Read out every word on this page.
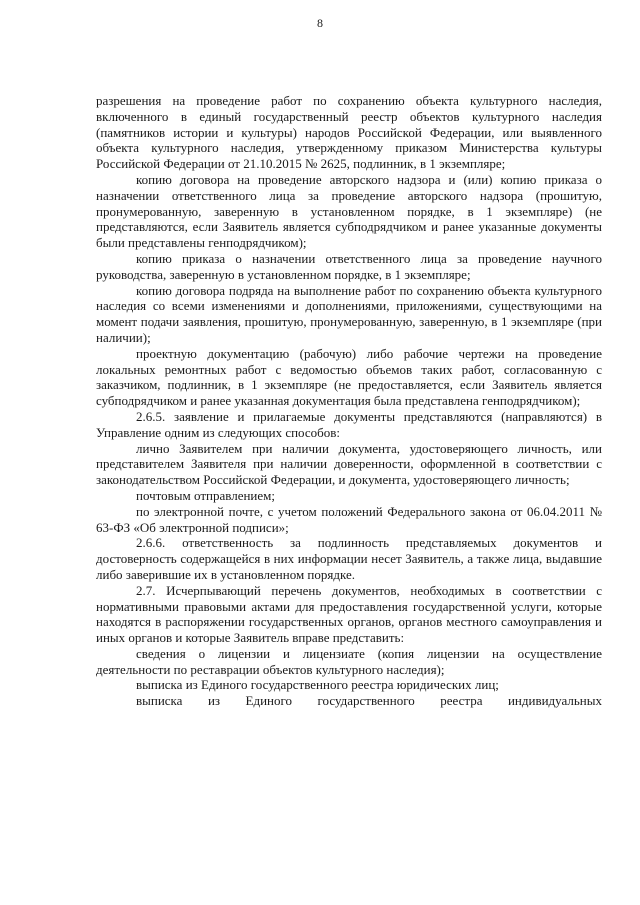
8

разрешения на проведение работ по сохранению объекта культурного наследия, включенного в единый государственный реестр объектов культурного наследия (памятников истории и культуры) народов Российской Федерации, или выявленного объекта культурного наследия, утвержденному приказом Министерства культуры Российской Федерации от 21.10.2015 № 2625, подлинник, в 1 экземпляре;

копию договора на проведение авторского надзора и (или) копию приказа о назначении ответственного лица за проведение авторского надзора (прошитую, пронумерованную, заверенную в установленном порядке, в 1 экземпляре) (не представляются, если Заявитель является субподрядчиком и ранее указанные документы были представлены генподрядчиком);

копию приказа о назначении ответственного лица за проведение научного руководства, заверенную в установленном порядке, в 1 экземпляре;

копию договора подряда на выполнение работ по сохранению объекта культурного наследия со всеми изменениями и дополнениями, приложениями, существующими на момент подачи заявления, прошитую, пронумерованную, заверенную, в 1 экземпляре (при наличии);

проектную документацию (рабочую) либо рабочие чертежи на проведение локальных ремонтных работ с ведомостью объемов таких работ, согласованную с заказчиком, подлинник, в 1 экземпляре (не предоставляется, если Заявитель является субподрядчиком и ранее указанная документация была представлена генподрядчиком);

2.6.5. заявление и прилагаемые документы представляются (направляются) в Управление одним из следующих способов:

лично Заявителем при наличии документа, удостоверяющего личность, или представителем Заявителя при наличии доверенности, оформленной в соответствии с законодательством Российской Федерации, и документа, удостоверяющего личность;

почтовым отправлением;

по электронной почте, с учетом положений Федерального закона от 06.04.2011 № 63-ФЗ «Об электронной подписи»;

2.6.6. ответственность за подлинность представляемых документов и достоверность содержащейся в них информации несет Заявитель, а также лица, выдавшие либо заверившие их в установленном порядке.

2.7. Исчерпывающий перечень документов, необходимых в соответствии с нормативными правовыми актами для предоставления государственной услуги, которые находятся в распоряжении государственных органов, органов местного самоуправления и иных органов и которые Заявитель вправе представить:

сведения о лицензии и лицензиате (копия лицензии на осуществление деятельности по реставрации объектов культурного наследия);

выписка из Единого государственного реестра юридических лиц;

выписка из Единого государственного реестра индивидуальных
